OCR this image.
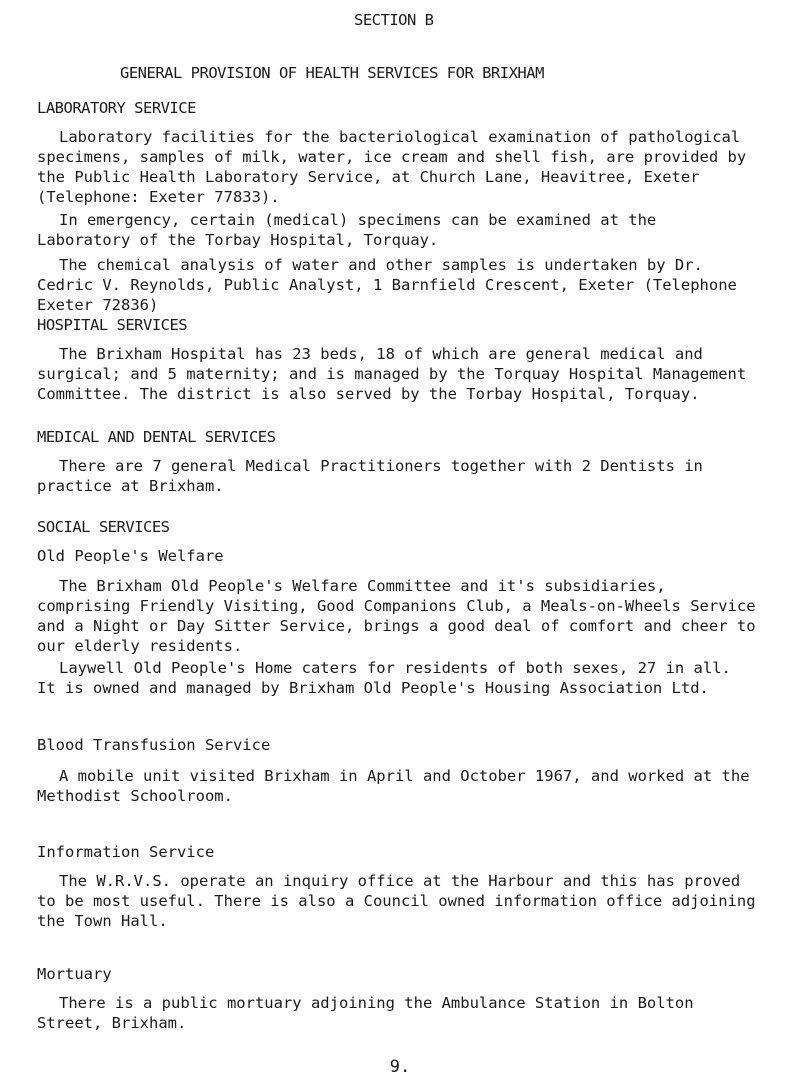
SECTION B

GENERAL PROVISION OF HEALTH SERVICES FOR BRIXHAM

LABORATORY SERVICE

Laboratory facilities for the bacteriological examination of pathological specimens, samples of milk, water, ice cream and shell fish, are provided by the Public Health Laboratory Service, at Church Lane, Heavitree, Exeter (Telephone: Exeter 77833).

In emergency, certain (medical) specimens can be examined at the Laboratory of the Torbay Hospital, Torquay.

The chemical analysis of water and other samples is undertaken by Dr. Cedric V. Reynolds, Public Analyst, 1 Barnfield Crescent, Exeter (Telephone Exeter 72836)

HOSPITAL SERVICES

The Brixham Hospital has 23 beds, 18 of which are general medical and surgical; and 5 maternity; and is managed by the Torquay Hospital Management Committee. The district is also served by the Torbay Hospital, Torquay.

MEDICAL AND DENTAL SERVICES

There are 7 general Medical Practitioners together with 2 Dentists in practice at Brixham.

SOCIAL SERVICES

Old People's Welfare

The Brixham Old People's Welfare Committee and it's subsidiaries, comprising Friendly Visiting, Good Companions Club, a Meals-on-Wheels Service and a Night or Day Sitter Service, brings a good deal of comfort and cheer to our elderly residents.

Laywell Old People's Home caters for residents of both sexes, 27 in all. It is owned and managed by Brixham Old People's Housing Association Ltd.

Blood Transfusion Service

A mobile unit visited Brixham in April and October 1967, and worked at the Methodist Schoolroom.

Information Service

The W.R.V.S. operate an inquiry office at the Harbour and this has proved to be most useful. There is also a Council owned information office adjoining the Town Hall.

Mortuary

There is a public mortuary adjoining the Ambulance Station in Bolton Street, Brixham.

9.
